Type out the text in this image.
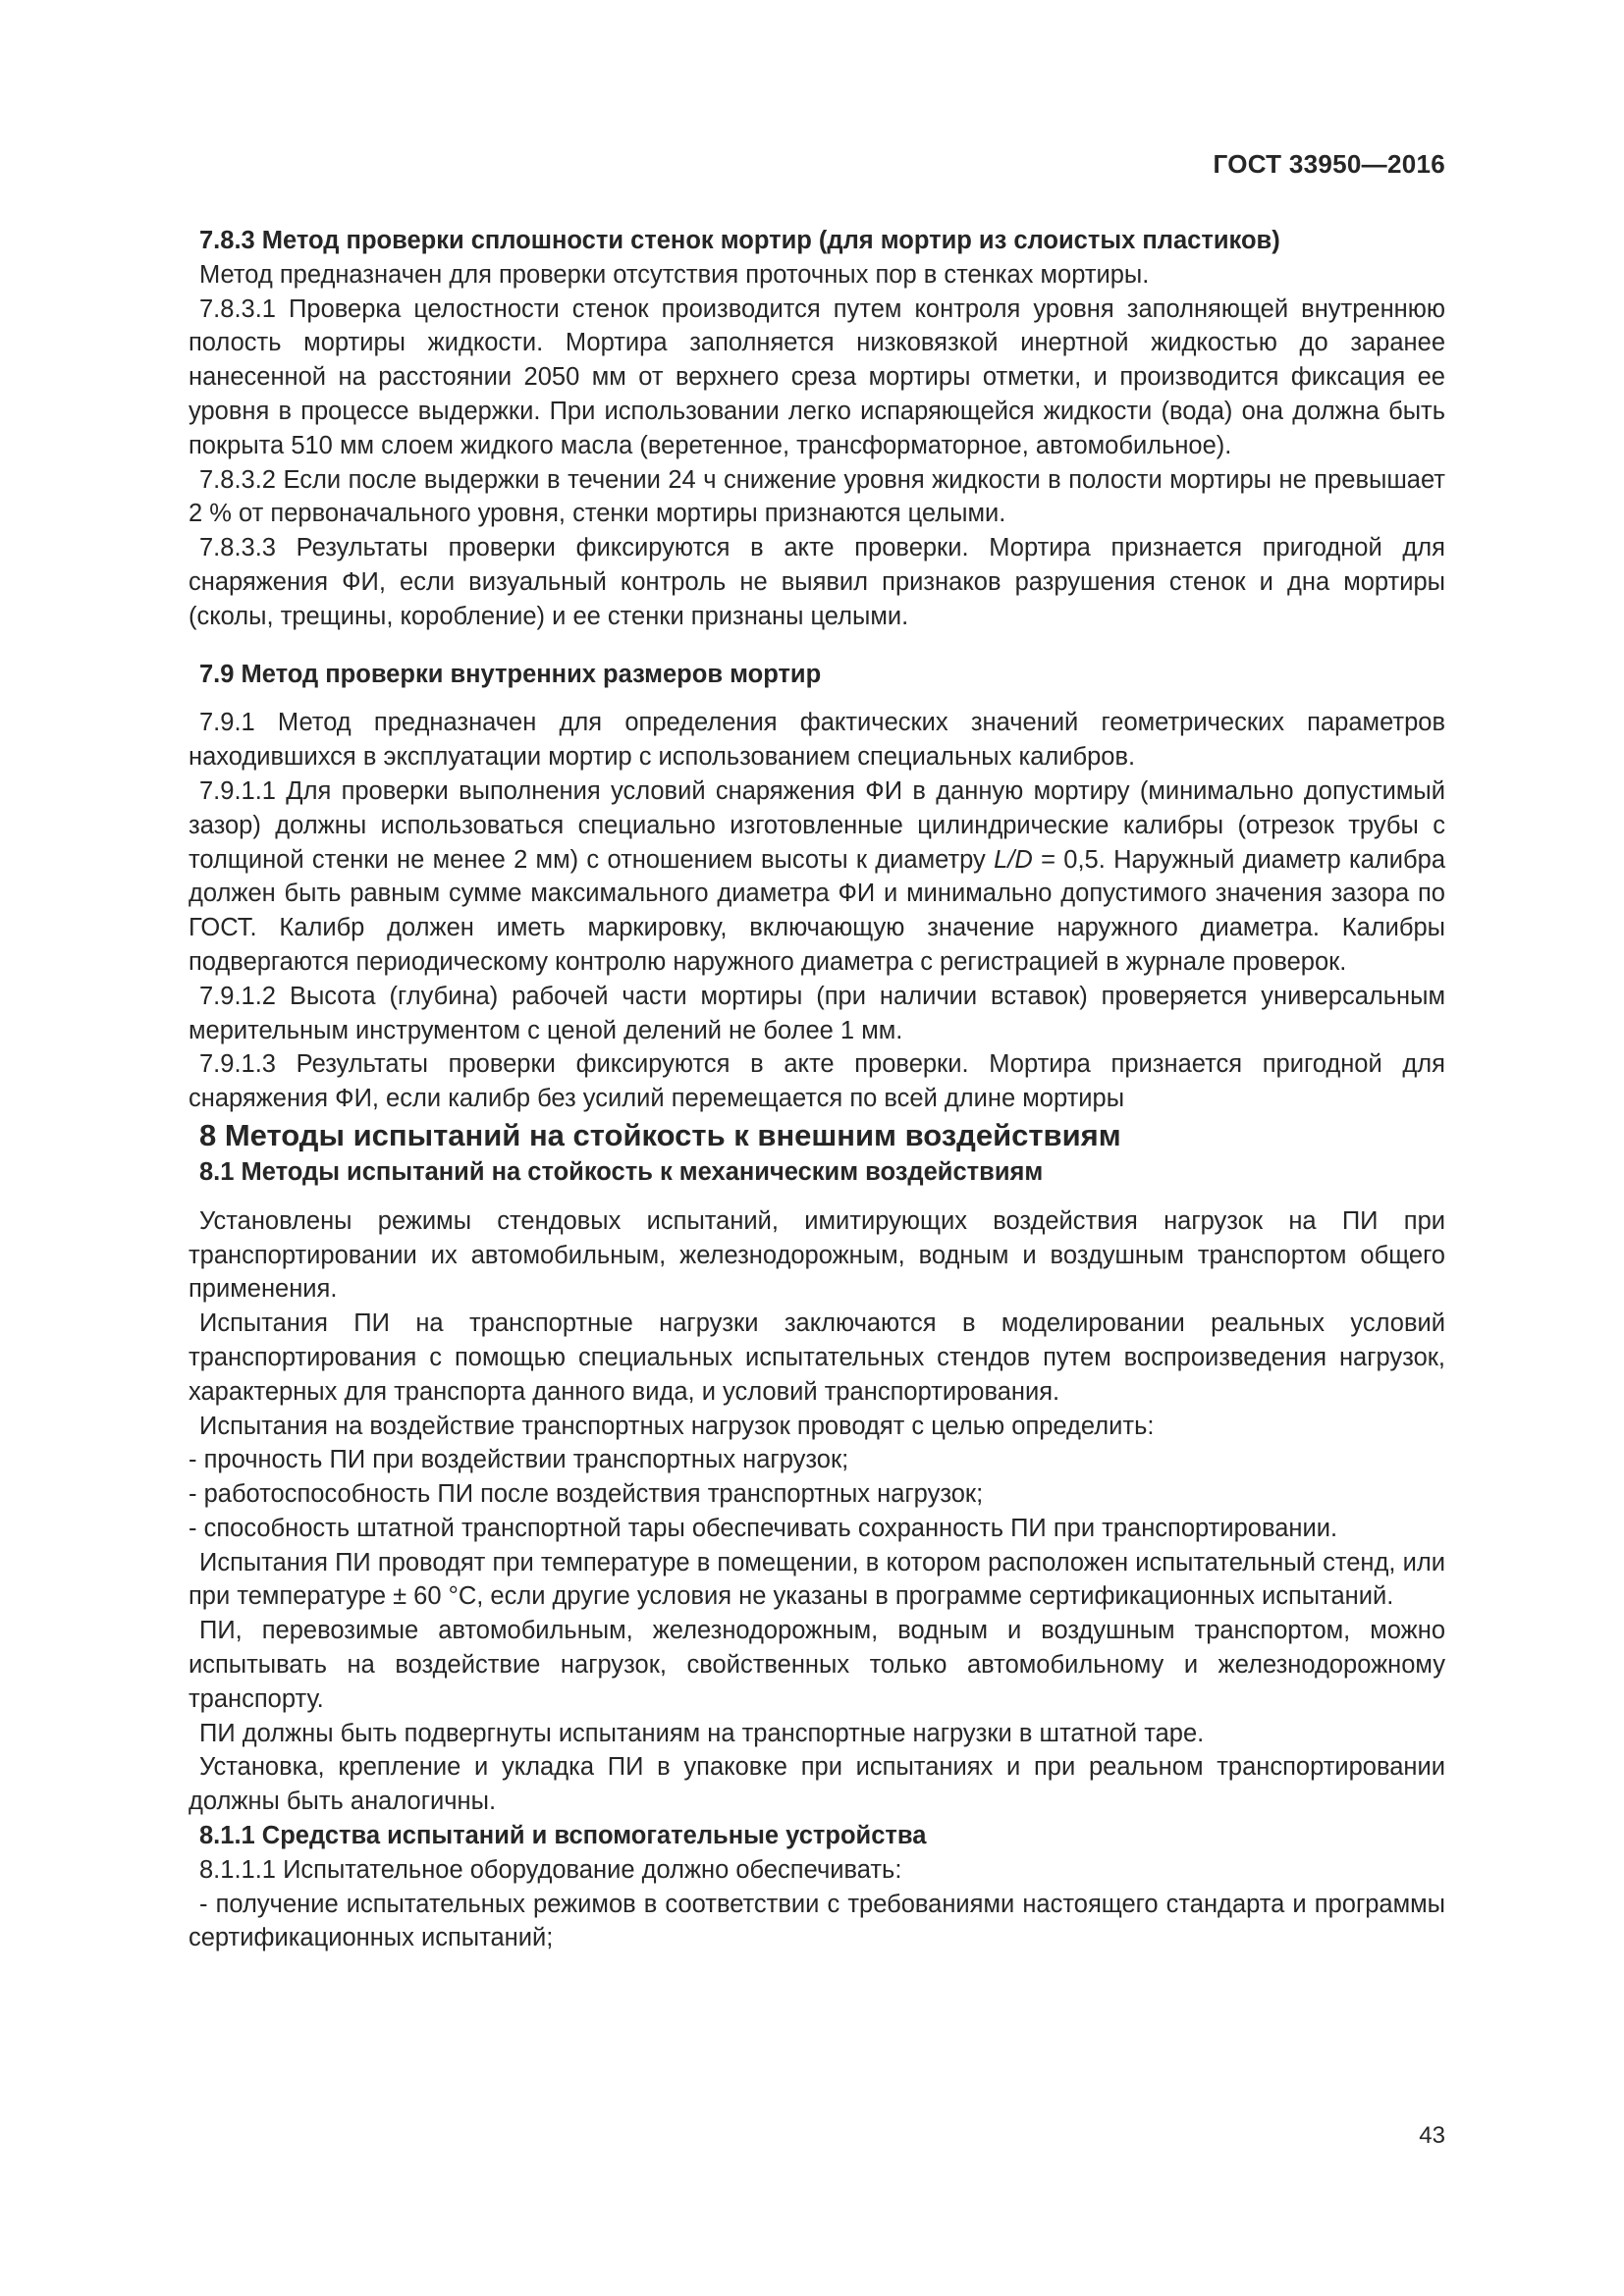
ГОСТ 33950—2016

7.8.3 Метод проверки сплошности стенок мортир (для мортир из слоистых пластиков)

Метод предназначен для проверки отсутствия проточных пор в стенках мортиры.

7.8.3.1 Проверка целостности стенок производится путем контроля уровня заполняющей внутреннюю полость мортиры жидкости. Мортира заполняется низковязкой инертной жидкостью до заранее нанесенной на расстоянии 2050 мм от верхнего среза мортиры отметки, и производится фиксация ее уровня в процессе выдержки. При использовании легко испаряющейся жидкости (вода) она должна быть покрыта 510 мм слоем жидкого масла (веретенное, трансформаторное, автомобильное).

7.8.3.2 Если после выдержки в течении 24 ч снижение уровня жидкости в полости мортиры не превышает 2 % от первоначального уровня, стенки мортиры признаются целыми.

7.8.3.3 Результаты проверки фиксируются в акте проверки. Мортира признается пригодной для снаряжения ФИ, если визуальный контроль не выявил признаков разрушения стенок и дна мортиры (сколы, трещины, коробление) и ее стенки признаны целыми.

7.9 Метод проверки внутренних размеров мортир

7.9.1 Метод предназначен для определения фактических значений геометрических параметров находившихся в эксплуатации мортир с использованием специальных калибров.

7.9.1.1 Для проверки выполнения условий снаряжения ФИ в данную мортиру (минимально допустимый зазор) должны использоваться специально изготовленные цилиндрические калибры (отрезок трубы с толщиной стенки не менее 2 мм) с отношением высоты к диаметру L/D = 0,5. Наружный диаметр калибра должен быть равным сумме максимального диаметра ФИ и минимально допустимого значения зазора по ГОСТ. Калибр должен иметь маркировку, включающую значение наружного диаметра. Калибры подвергаются периодическому контролю наружного диаметра с регистрацией в журнале проверок.

7.9.1.2 Высота (глубина) рабочей части мортиры (при наличии вставок) проверяется универсальным мерительным инструментом с ценой делений не более 1 мм.

7.9.1.3 Результаты проверки фиксируются в акте проверки. Мортира признается пригодной для снаряжения ФИ, если калибр без усилий перемещается по всей длине мортиры

8 Методы испытаний на стойкость к внешним воздействиям

8.1 Методы испытаний на стойкость к механическим воздействиям

Установлены режимы стендовых испытаний, имитирующих воздействия нагрузок на ПИ при транспортировании их автомобильным, железнодорожным, водным и воздушным транспортом общего применения.

Испытания ПИ на транспортные нагрузки заключаются в моделировании реальных условий транспортирования с помощью специальных испытательных стендов путем воспроизведения нагрузок, характерных для транспорта данного вида, и условий транспортирования.

Испытания на воздействие транспортных нагрузок проводят с целью определить:

- прочность ПИ при воздействии транспортных нагрузок;

- работоспособность ПИ после воздействия транспортных нагрузок;

- способность штатной транспортной тары обеспечивать сохранность ПИ при транспортировании.

Испытания ПИ проводят при температуре в помещении, в котором расположен испытательный стенд, или при температуре ± 60 °С, если другие условия не указаны в программе сертификационных испытаний.

ПИ, перевозимые автомобильным, железнодорожным, водным и воздушным транспортом, можно испытывать на воздействие нагрузок, свойственных только автомобильному и железнодорожному транспорту.

ПИ должны быть подвергнуты испытаниям на транспортные нагрузки в штатной таре.

Установка, крепление и укладка ПИ в упаковке при испытаниях и при реальном транспортировании должны быть аналогичны.

8.1.1 Средства испытаний и вспомогательные устройства

8.1.1.1 Испытательное оборудование должно обеспечивать:

- получение испытательных режимов в соответствии с требованиями настоящего стандарта и программы сертификационных испытаний;

43
